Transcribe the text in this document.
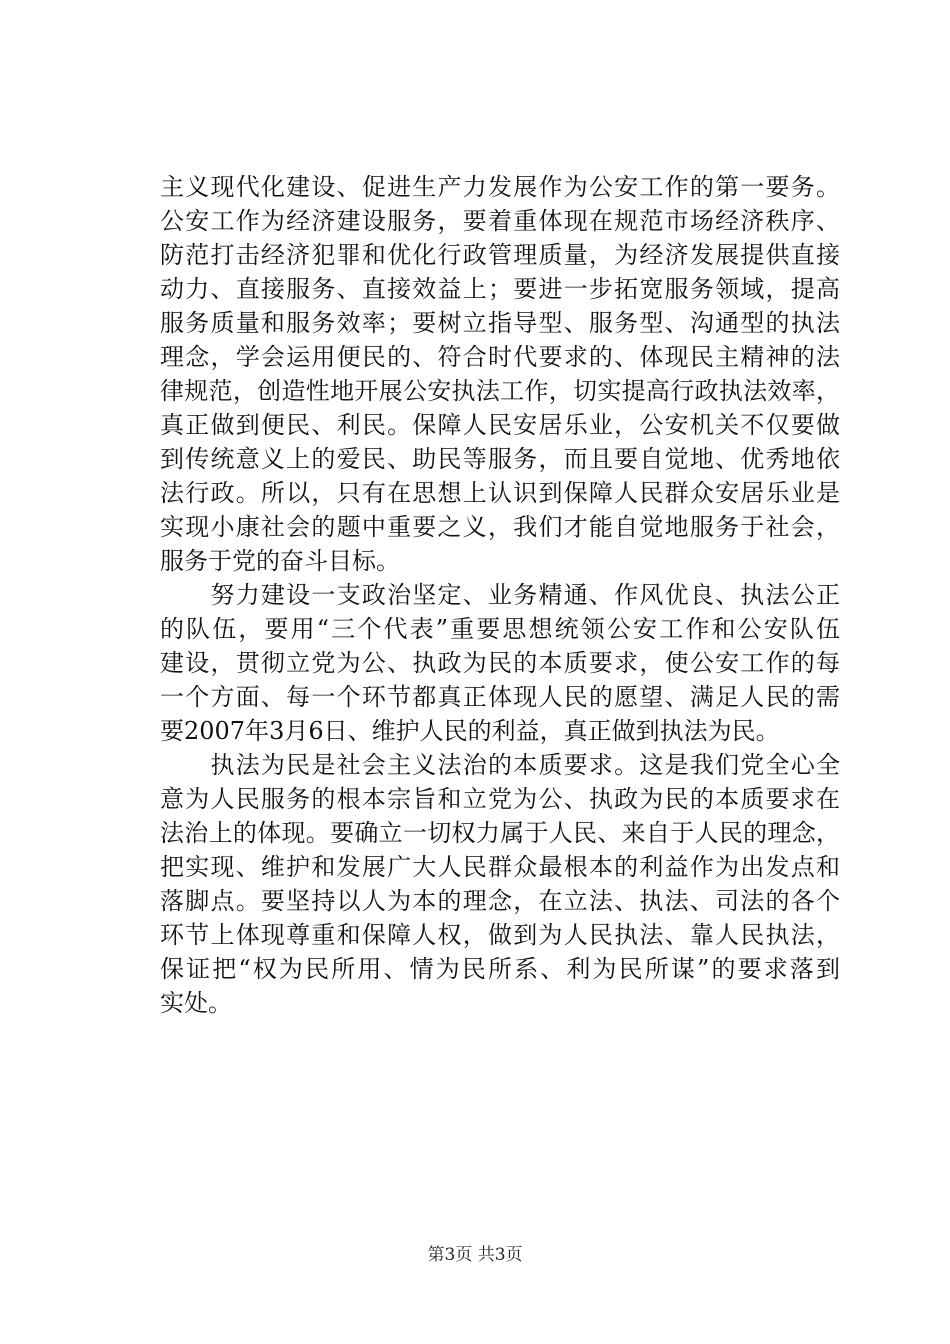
主义现代化建设、促进生产力发展作为公安工作的第一要务。
公安工作为经济建设服务，要着重体现在规范市场经济秩序、
防范打击经济犯罪和优化行政管理质量，为经济发展提供直接
动力、直接服务、直接效益上；要进一步拓宽服务领域，提高
服务质量和服务效率；要树立指导型、服务型、沟通型的执法
理念，学会运用便民的、符合时代要求的、体现民主精神的法
律规范，创造性地开展公安执法工作，切实提高行政执法效率，
真正做到便民、利民。保障人民安居乐业，公安机关不仅要做
到传统意义上的爱民、助民等服务，而且要自觉地、优秀地依
法行政。所以，只有在思想上认识到保障人民群众安居乐业是
实现小康社会的题中重要之义，我们才能自觉地服务于社会，
服务于党的奋斗目标。
　　努力建设一支政治坚定、业务精通、作风优良、执法公正
的队伍，要用“三个代表”重要思想统领公安工作和公安队伍
建设，贯彻立党为公、执政为民的本质要求，使公安工作的每
一个方面、每一个环节都真正体现人民的愿望、满足人民的需
要2007年3月6日、维护人民的利益，真正做到执法为民。
　　执法为民是社会主义法治的本质要求。这是我们党全心全
意为人民服务的根本宗旨和立党为公、执政为民的本质要求在
法治上的体现。要确立一切权力属于人民、来自于人民的理念，
把实现、维护和发展广大人民群众最根本的利益作为出发点和
落脚点。要坚持以人为本的理念，在立法、执法、司法的各个
环节上体现尊重和保障人权，做到为人民执法、靠人民执法，
保证把“权为民所用、情为民所系、利为民所谋”的要求落到
实处。
第3页 共3页
